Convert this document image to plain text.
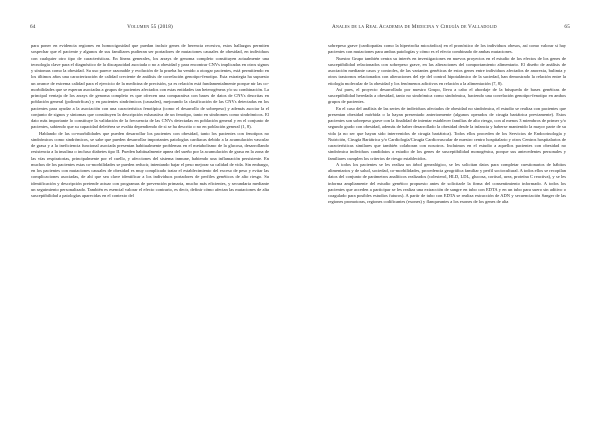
64	Volumen 55 (2018)

para poner en evidencia regiones en homocigosidad que puedan incluir genes de herencia recesiva, estos hallazgos permiten sospechar que el paciente y algunos de sus familiares pudieran ser portadores de mutaciones causales de obesidad, en individuos con cualquier otro tipo de características. En líneas generales, los arrays de genoma completo constituyen actualmente una tecnología clave para el diagnóstico de la discapacidad asociada o no a obesidad y para encontrar CNVs implicadas en otros signos y síntomas como la obesidad. Su uso parece razonable y evolución de la prueba ha venido a otorgar pacientes, está permitiendo en los últimos años una caracterización de calidad creciente de análisis de correlación genotipo-fenotipo. Esta estrategia ha supuesto un avance de extrema calidad para el ejercicio de la medicina de precisión, ya es relación está fundamentalmente porque nir las co-morbilidades que se esperan asociadas a grupos de pacientes afectados con estas entidades tan heterogéneas y/o su combinación. La principal ventaja de los arrays de genoma completo es que ofrecen una comparativa con bases de datos de CNVs descritas en población general (polimórficas) y en pacientes sindrómicos (causales), mejorando la clasificación de las CNVs detectadas en los pacientes para ayudar a la asociación con una característica fenotípica (como el desarrollo de sobrepeso) y además asociar la el conjunto de signos y síntomas que constituyen la descripción exhaustiva de un fenotipo, tanto en síndromes como sindrómicos. El dato más importante lo constituye la validación de la frecuencia de las CNVs detectadas en población general y en el conjunto de pacientes, sabiendo que su capacidad deletérea se evalúa dependiendo de si se ha descrito o no en población general (1, 8).

Hablando de las co-morbilidades que pueden desarrollar los pacientes con obesidad, tanto los pacientes con fenotipos no sindrómicos como sindrómicos, se sabe que pueden desarrollar importantes patologías cardiacas debido a la acumulación vascular de grasa y a la ineficiencia funcional asociada presentan habitualmente problemas en el metabolismo de la glucosa, desarrollando resistencia a la insulina o incluso diabetes tipo II. Pueden habitualmente apnea del sueño por la acumulación de grasa en la zona de las vías respiratorias, principalmente por el cuello, y afecciones del sistema inmune, habiendo una inflamación persistente. En muchos de los pacientes estas co-morbilidades se pueden reducir, intentando bajar el peso mejorar su calidad de vida. Sin embargo, en los pacientes con mutaciones causales de obesidad es muy complicado tratar el establecimiento del exceso de peso y evitar las complicaciones asociadas, de ahí que sea clave identificar a los individuos portadores de perfiles genéticos de alto riesgo. Su identificación y descripción pretende actuar con programas de prevención primaria, mucho más eficientes, y secundaria mediante un seguimiento personalizado. También es esencial valorar el efecto contrario, es decir, definir cómo afectan las mutaciones de alta susceptibilidad a patologías aparecidas en el contexto del

Anales de la Real Academia de Medicina y Cirugía de Valladolid	65

sobrepeso grave (cardiopatías como la hipertrofia miocárdica) en el pronóstico de los individuos obesos, así como valorar si hay pacientes con mutaciones para ambas patologías y cómo es el efecto combinado de ambas mutaciones.

Nuestro Grupo también centra su interés en investigaciones en nuevos proyectos en el estudio de los efectos de los genes de susceptibilidad relacionados con sobrepeso grave, en las alteraciones del comportamiento alimentario. El diseño de análisis de asociación mediante casos y controles, de las variantes genéticas de estos genes entre individuos afectados de anorexia, bulimia y otros trastornos relacionados con alteraciones del eje del control hipotalámico de la saciedad, han demostrado la relación entre la etiología molecular de la obesidad y los fenómenos adictivos en relación a la alimentación (7, 8).

Así pues, el proyecto desarrollado por nuestro Grupo, lleva a cabo el abordaje de la búsqueda de bases genéticas de susceptibilidad heredada a obesidad, tanto no sindrómica como sindrómica, haciendo una correlación genotipo-fenotipo en ambos grupos de pacientes.

En el caso del análisis de las series de individuos afectados de obesidad no sindrómica, el estudio se realiza con pacientes que presentan obesidad mórbida o la hayan presentado anteriormente (algunos operados de cirugía bariátrica previamente). Estos pacientes son sobrepeso grave con la finalidad de intentar establecer familias de alto riesgo, con al menos 3 miembros de primer y/o segundo grado con obesidad, además de haber desarrollado la obesidad desde la infancia y haberse mantenido la mayor parte de su vida (a no ser que hayan sido intervenidos de cirugía bariátrica). Todos ellos proceden de los Servicios de Endocrinología y Nutrición, Cirugía Bariátrica y/o Cardiología/Cirugía Cardiovascular de nuestro centro hospitalario y otros Centros hospitalarios de características similares que también colaboran con nosotros. Incluimos en el estudio a aquellos pacientes con obesidad no sindrómica individuos candidatos a estudio de los genes de susceptibilidad monogénica, porque sus antecedentes personales y familiares cumplen los criterios de riesgo establecidos.

A todos los pacientes se les realiza un árbol genealógico, se les solicitan datos para completar cuestionarios de hábitos alimentarios y de salud, sociedad, co-morbilidades, procedencia geográfica familiar y perfil sociocultural. A todos ellos se recopilan datos del conjunto de parámetros analíticos realizados (colesterol, HLD, LDL, glucosa, cortisol, urea, proteína C reactiva), y se les informa ampliamente del estudio genético propuesto antes de solicitarle la firma del consentimiento informado. A todos los pacientes que acceden a participar se les realiza una extracción de sangre en tubo con EDTA y en un tubo para suero sin aditivo o coagulado para posibles estudios futuros). A partir de tubo con EDTA se realiza extracción de ADN y secuenciación Sanger de las regiones promotoras, regiones codificantes (exones) y flanqueantes a los exones de los genes de alta
